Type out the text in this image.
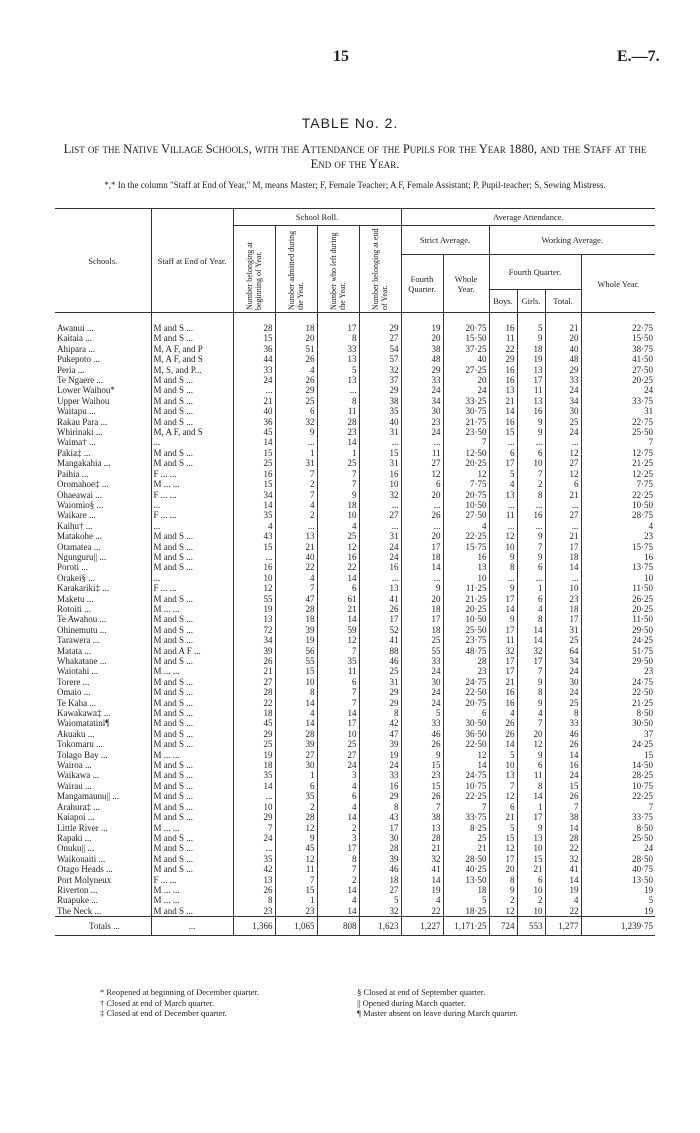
15	E.—7.
TABLE No. 2.
List of the Native Village Schools, with the Attendance of the Pupils for the Year 1880, and the Staff at the End of the Year.
*,* In the column "Staff at End of Year," M, means Master; F, Female Teacher; A F, Female Assistant; P, Pupil-teacher; S, Sewing Mistress.
Schools.	Staff at End of Year.	School Roll.				Average Attendance.					
		Number belonging at beginning of Year.	Number admitted during the Year.	Number who left during the Year.	Number belonging at end of Year.	Strict Average.		Working Average.			
						Fourth Quarter.	Whole Year.	Fourth Quarter.			Whole Year.
								Boys.	Girls.	Total.	

Awanui ...	M and S ...	28	18	17	29	19	20·75	16	5	21	22·75
Kaitaia ...	M and S ...	15	20	8	27	20	15·50	11	9	20	15·50
Ahipara ...	M, A F, and P	36	51	33	54	38	37·25	22	18	40	38·75
Pukepoto ...	M, A F, and S	44	26	13	57	48	40	29	19	48	41·50
Peria ...	M, S, and P...	33	4	5	32	29	27·25	16	13	29	27·50
Te Ngaere ...	M and S ...	24	26	13	37	33	20	16	17	33	20·25
Lower Waihou*	M and S ...	...	29	...	29	24	24	13	11	24	24
Upper Waihou	M and S ...	21	25	8	38	34	33·25	21	13	34	33·75
Waitapu ...	M and S ...	40	6	11	35	30	30·75	14	16	30	31
Rakau Para ...	M and S ...	36	32	28	40	23	21·75	16	9	25	22·75
Whirinaki ...	M, A F, and S	45	9	23	31	24	23·50	15	9	24	25·50
Waima† ...	...	14	...	14	...	...	7	...	...	...	7
Pakia‡ ...	M and S ...	15	1	1	15	11	12·50	6	6	12	12·75
Mangakahia ...	M and S ...	25	31	25	31	27	20·25	17	10	27	21·25
Paihia ...	F ... ...	16	7	7	16	12	12	5	7	12	12·25
Oromahoe‡ ...	M ... ...	15	2	7	10	6	7·75	4	2	6	7·75
Ohaeawai ...	F ... ...	34	7	9	32	20	20·75	13	8	21	22·25
Waiomio§ ...	...	14	4	18	...	...	10·50	...	...	...	10·50
Waikare ...	F ... ...	35	2	10	27	26	27·50	11	16	27	28·75
Kaihu† ...	...	4	...	4	...	...	4	...	...	...	4
Matakohe ...	M and S ...	43	13	25	31	20	22·25	12	9	21	23
Otamatea ...	M and S ...	15	21	12	24	17	15·75	10	7	17	15·75
Ngunguru|| ...	M and S ...	...	40	16	24	18	16	9	9	18	16
Poroti ...	M and S ...	16	22	22	16	14	13	8	6	14	13·75
Orakei§ ...	...	10	4	14	...	...	10	...	...	...	10
Karakariki‡ ...	F ... ...	12	7	6	13	9	11·25	9	1	10	11·50
Maketu ...	M and S ...	55	47	61	41	20	21·25	17	6	23	26·25
Rotoiti ...	M ... ...	19	28	21	26	18	20·25	14	4	18	20·25
Te Awahou ...	M and S ...	13	18	14	17	17	10·50	9	8	17	11·50
Ohinemutu ...	M and S ...	72	39	59	52	18	25·50	17	14	31	29·50
Tarawera ...	M and S ...	34	19	12	41	25	23·75	11	14	25	24·25
Matata ...	M and A F ...	39	56	7	88	55	48·75	32	32	64	51·75
Whakatane ...	M and S ...	26	55	35	46	33	28	17	17	34	29·50
Waiotahi ...	M ... ...	21	15	11	25	24	23	17	7	24	23
Torere ...	M and S ...	27	10	6	31	30	24·75	21	9	30	24·75
Omaio ...	M and S ...	28	8	7	29	24	22·50	16	8	24	22·50
Te Kaha ...	M and S ...	22	14	7	29	24	20·75	16	9	25	21·25
Kawakawa‡ ...	M and S ...	18	4	14	8	5	6	4	4	8	8·50
Waiomatatini¶	M and S ...	45	14	17	42	33	30·50	26	7	33	30·50
Akuaku ...	M and S ...	29	28	10	47	46	36·50	26	20	46	37
Tokomaru ...	M and S ...	25	39	25	39	26	22·50	14	12	26	24·25
Tolago Bay ...	M ... ...	19	27	27	19	9	12	5	9	14	15
Wairoa ...	M and S ...	18	30	24	24	15	14	10	6	16	14·50
Waikawa ...	M and S ...	35	1	3	33	23	24·75	13	11	24	28·25
Wairau ...	M and S ...	14	6	4	16	15	10·75	7	8	15	10·75
Mangamaunu|| ...	M and S ...	...	35	6	29	26	22·25	12	14	26	22·25
Arahura‡ ...	M and S ...	10	2	4	8	7	7	6	1	7	7
Kaiapoi ...	M and S ...	29	28	14	43	38	33·75	21	17	38	33·75
Little River ...	M ... ...	7	12	2	17	13	8·25	5	9	14	8·50
Rapaki ...	M and S ...	24	9	3	30	28	25	15	13	28	25·50
Onuku|| ...	M and S ...	...	45	17	28	21	21	12	10	22	24
Waikouaiti ...	M and S ...	35	12	8	39	32	28·50	17	15	32	28·50
Otago Heads ...	M and S ...	42	11	7	46	41	40·25	20	21	41	40·75
Port Molyneux	F ... ...	13	7	2	18	14	13·50	8	6	14	13·50
Riverton ...	M ... ...	26	15	14	27	19	18	9	10	19	19
Ruapuke ...	M ... ...	8	1	4	5	4	5	2	2	4	5
The Neck ...	M and S ...	23	23	14	32	22	18·25	12	10	22	19
Totals ...	...	1,366	1,065	808	1,623	1,227	1,171·25	724	553	1,277	1,239·75
* Reopened at beginning of December quarter.
† Closed at end of March quarter.
‡ Closed at end of December quarter.

§ Closed at end of September quarter.
|| Opened during March quarter.
¶ Master absent on leave during March quarter.
